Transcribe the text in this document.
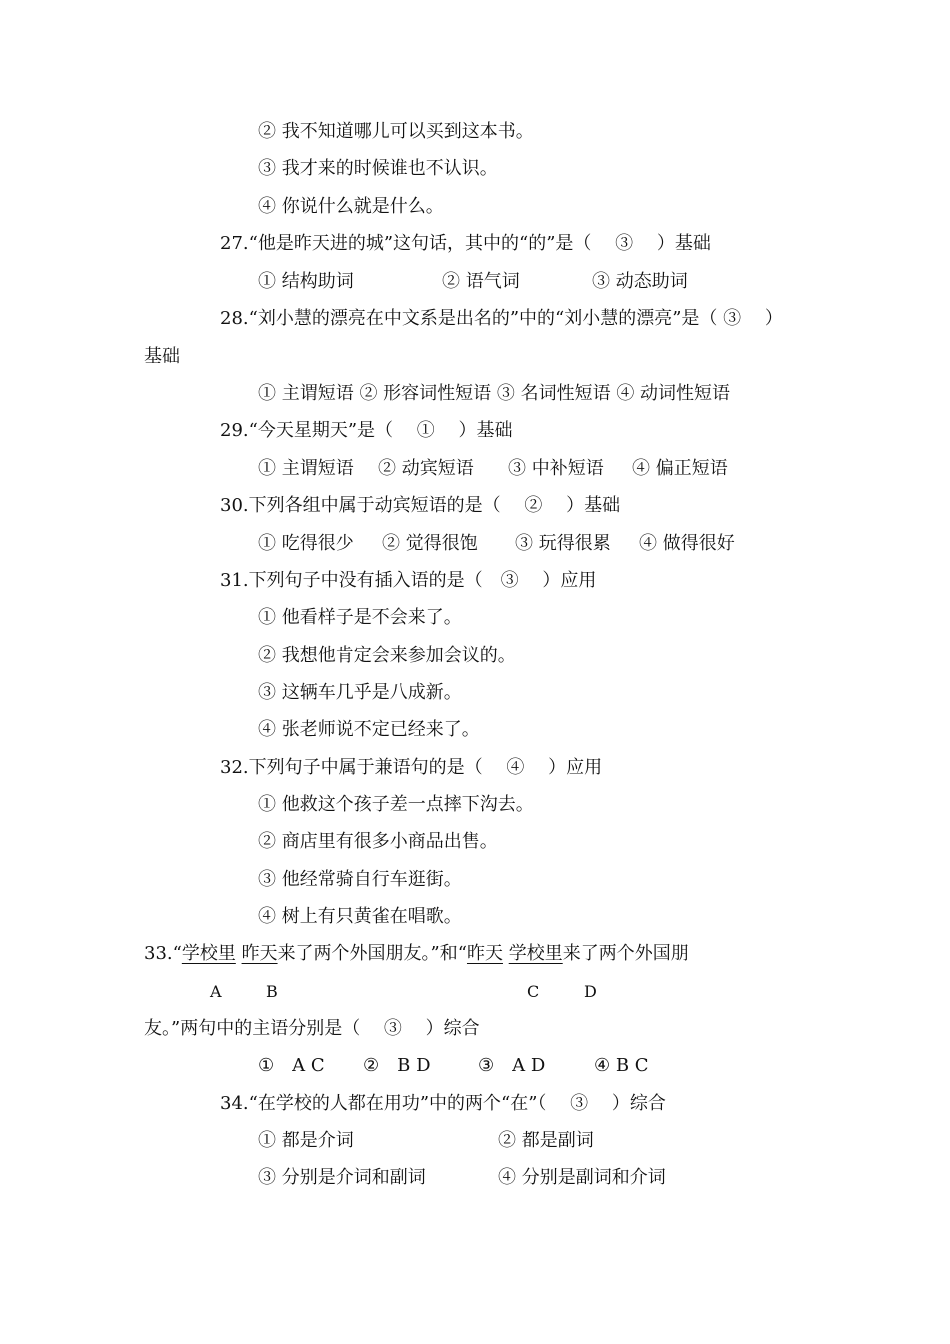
② 我不知道哪儿可以买到这本书。
③ 我才来的时候谁也不认识。
④ 你说什么就是什么。
27.“他是昨天进的城”这句话，其中的“的”是（　 ③　 ）基础
① 结构助词	② 语气词	③ 动态助词
28.“刘小慧的漂亮在中文系是出名的”中的“刘小慧的漂亮”是（ ③　 ）
基础
① 主谓短语 ② 形容词性短语 ③ 名词性短语 ④ 动词性短语
29.“今天星期天”是（　 ①　 ）基础
① 主谓短语 ② 动宾短语 ③ 中补短语 ④ 偏正短语
30.下列各组中属于动宾短语的是（　 ②　 ）基础
① 吃得很少 ② 觉得很饱 ③ 玩得很累 ④ 做得很好
31.下列句子中没有插入语的是（　③　 ）应用
① 他看样子是不会来了。
② 我想他肯定会来参加会议的。
③ 这辆车几乎是八成新。
④ 张老师说不定已经来了。
32.下列句子中属于兼语句的是（　 ④　 ）应用
① 他救这个孩子差一点摔下沟去。
② 商店里有很多小商品出售。
③ 他经常骑自行车逛街。
④ 树上有只黄雀在唱歌。
33.“学校里 昨天来了两个外国朋友。”和“昨天 学校里来了两个外国朋
A	B	C	D
友。”两句中的主语分别是（　 ③　 ）综合
①　A C ②　B D	③　A D	④ B C
34.“在学校的人都在用功”中的两个“在”（　 ③　 ）综合
① 都是介词	② 都是副词
③ 分别是介词和副词	④ 分别是副词和介词
